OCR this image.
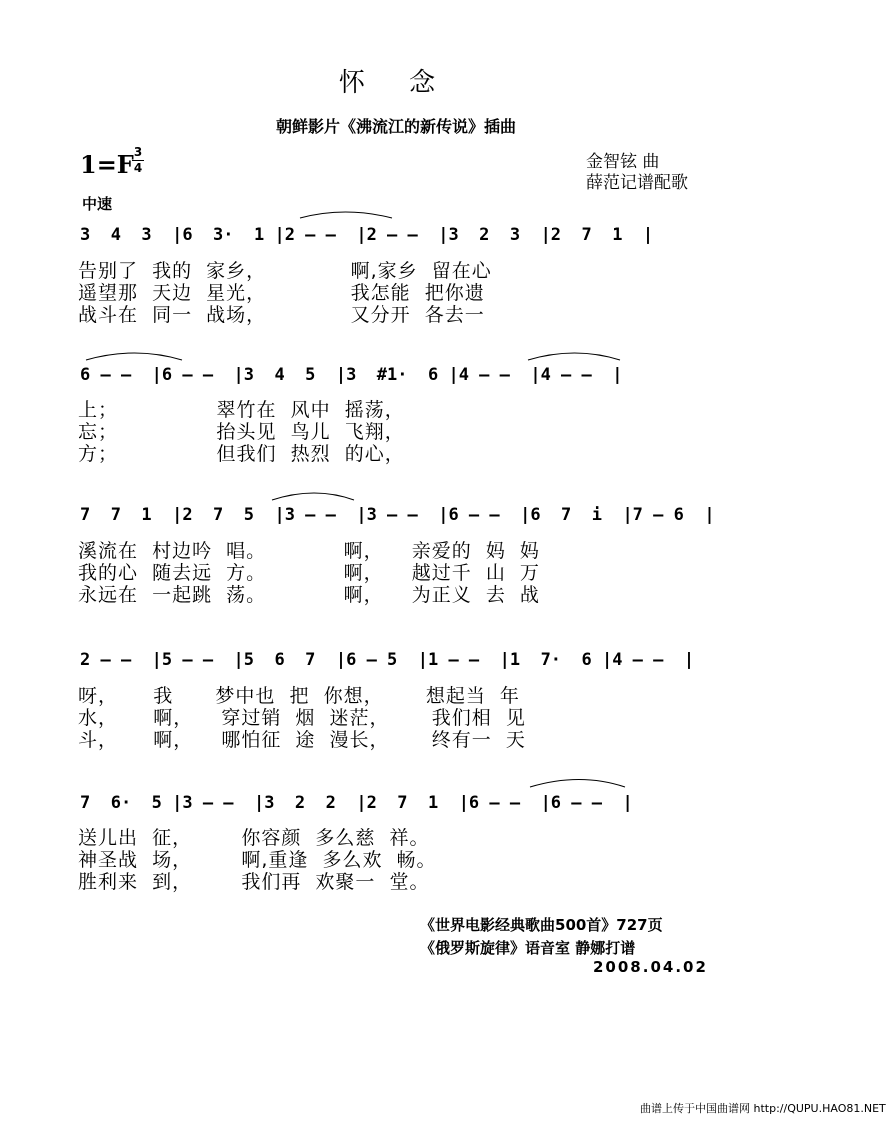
怀 念
朝鲜影片《沸流江的新传说》插曲
1=F 3
4	金智铉 曲
薛范记谱配歌
中速
3  4  3  |6  3·  1 |2 — —  |2 — —  |3  2  3  |2  7  1  |
告别了  我的  家乡，            啊,家乡  留在心
遥望那  天边  星光，            我怎能  把你遗
战斗在  同一  战场，            又分开  各去一
6 — —  |6 — —  |3  4  5  |3  #1·  6 |4 — —  |4 — —  |
上；              翠竹在  风中  摇荡，
忘；              抬头见  鸟儿  飞翔，
方；              但我们  热烈  的心，
7  7  1  |2  7  5  |3 — —  |3 — —  |6 — —  |6  7  i  |7 — 6  |
溪流在  村边吟  唱。           啊，    亲爱的  妈  妈
我的心  随去远  方。           啊，    越过千  山  万
永远在  一起跳  荡。           啊，    为正义  去  战
2 — —  |5 — —  |5  6  7  |6 — 5  |1 — —  |1  7·  6 |4 — —  |
呀，     我      梦中也  把  你想，      想起当  年
水，     啊，    穿过销  烟  迷茫，      我们相  见
斗，     啊，    哪怕征  途  漫长，      终有一  天
7  6·  5 |3 — —  |3  2  2  |2  7  1  |6 — —  |6 — —  |
送儿出  征，       你容颜  多么慈  祥。
神圣战  场，       啊,重逢  多么欢  畅。
胜利来  到，       我们再  欢聚一  堂。
《世界电影经典歌曲500首》727页
《俄罗斯旋律》语音室 静娜打谱
2008.04.02
曲谱上传于中国曲谱网 http://QUPU.HAO81.NET
